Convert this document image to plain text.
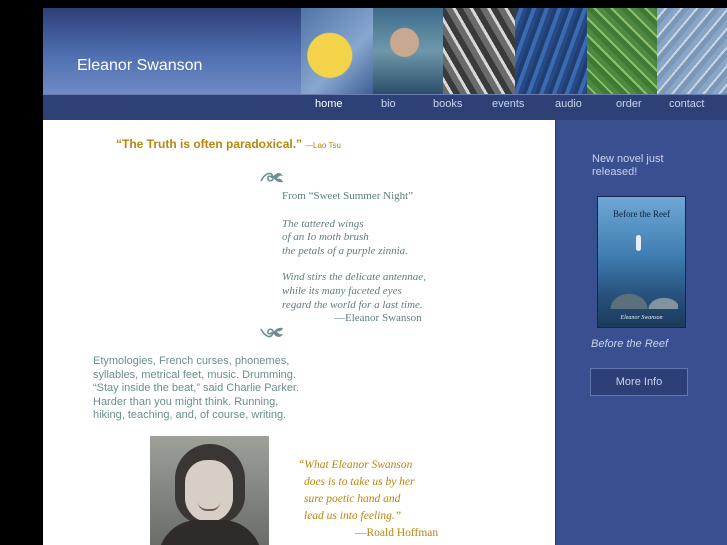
Eleanor Swanson
home	bio	books	events	audio	order contact
“The Truth is often paradoxical.” —Lao Tsu
From “Sweet Summer Night”
The tattered wings
of an Io moth brush
the petals of a purple zinnia.
Wind stirs the delicate antennae,
while its many faceted eyes
regard the world for a last time.
—Eleanor Swanson
Etymologies, French curses, phonemes,
syllables, metrical feet, music. Drumming.
“Stay inside the beat,” said Charlie Parker.
Harder than you might think. Running,
hiking, teaching, and, of course, writing.
“What Eleanor Swanson
does is to take us by her
sure poetic hand and
lead us into feeling.”
—Roald Hoffman
New novel just released!
Before the Reef
Eleanor Swanson
Before the Reef
More Info
